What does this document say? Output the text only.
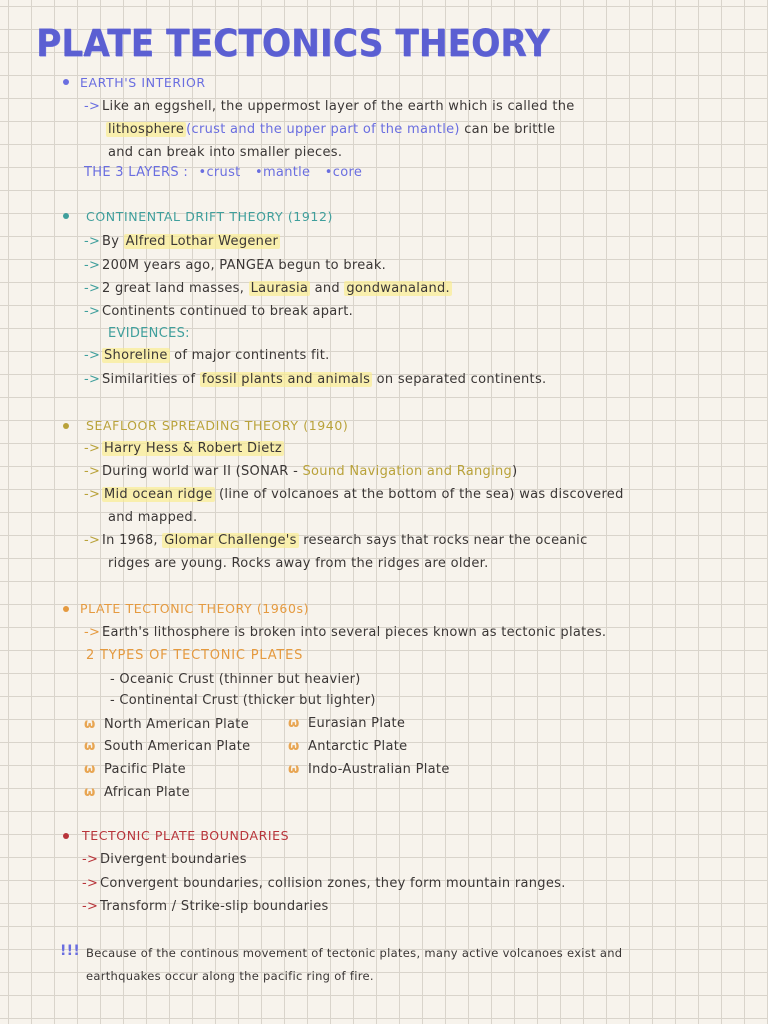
PLATE TECTONICS THEORY
EARTH'S INTERIOR
-> Like an eggshell, the uppermost layer of the earth which is called the
lithosphere (crust and the upper part of the mantle) can be brittle
and can break into smaller pieces.
THE 3 LAYERS : •crust •mantle •core
CONTINENTAL DRIFT THEORY (1912)
-> By Alfred Lothar Wegener
-> 200M years ago, PANGEA begun to break.
-> 2 great land masses, Laurasia and gondwanaland.
-> Continents continued to break apart.
EVIDENCES:
-> Shoreline of major continents fit.
-> Similarities of fossil plants and animals on separated continents.
SEAFLOOR SPREADING THEORY (1940)
-> Harry Hess & Robert Dietz
-> During world war II (SONAR - Sound Navigation and Ranging)
-> Mid ocean ridge (line of volcanoes at the bottom of the sea) was discovered
and mapped.
-> In 1968, Glomar Challenge's research says that rocks near the oceanic
ridges are young. Rocks away from the ridges are older.
PLATE TECTONIC THEORY (1960s)
-> Earth's lithosphere is broken into several pieces known as tectonic plates.
2 TYPES OF TECTONIC PLATES
- Oceanic Crust (thinner but heavier)
- Continental Crust (thicker but lighter)
ω North American Plate
ω South American Plate
ω Pacific Plate
ω African Plate
ω Eurasian Plate
ω Antarctic Plate
ω Indo-Australian Plate
TECTONIC PLATE BOUNDARIES
-> Divergent boundaries
-> Convergent boundaries, collision zones, they form mountain ranges.
-> Transform / Strike-slip boundaries
!!! Because of the continous movement of tectonic plates, many active volcanoes exist and
earthquakes occur along the pacific ring of fire.
